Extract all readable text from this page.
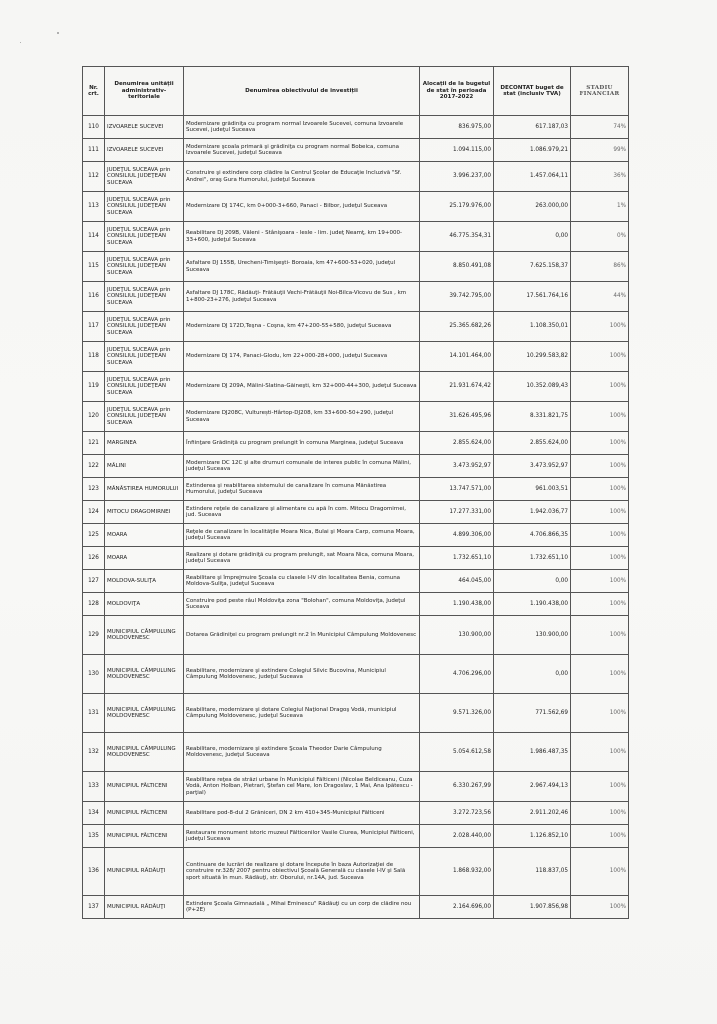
Nr. crt.	Denumirea unității administrativ-teritoriale	Denumirea obiectivului de investiții	Alocații de la bugetul de stat în perioada 2017-2022	DECONTAT buget de stat (inclusiv TVA)	STADIU FINANCIAR
110	IZVOARELE SUCEVEI	Modernizare grădiniţa cu program normal Izvoarele Sucevei, comuna Izvoarele Sucevei, judeţul Suceava	836.975,00	617.187,03	74%
111	IZVOARELE SUCEVEI	Modernizare şcoala primară şi grădiniţa cu program normal Bobeica, comuna Izvoarele Sucevei, judeţul Suceava	1.094.115,00	1.086.979,21	99%
112	JUDEŢUL SUCEAVA prin CONSILIUL JUDEŢEAN SUCEAVA	Construire şi extindere corp clădire la Centrul Şcolar de Educaţie Incluzivă "Sf. Andrei", oraş Gura Humorului, judeţul Suceava	3.996.237,00	1.457.064,11	36%
113	JUDEŢUL SUCEAVA prin CONSILIUL JUDEŢEAN SUCEAVA	Modernizare DJ 174C, km 0+000-3+660, Panaci - Bilbor, judeţul Suceava	25.179.976,00	263.000,00	1%
114	JUDEŢUL SUCEAVA prin CONSILIUL JUDEŢEAN SUCEAVA	Reabilitare DJ 209B, Văleni - Stânişoara - lesle - lim. judeţ Neamţ, km 19+000-33+600, judeţul Suceava	46.775.354,31	0,00	0%
115	JUDEŢUL SUCEAVA prin CONSILIUL JUDEŢEAN SUCEAVA	Asfaltare DJ 155B, Urecheni-Timişeşti- Boroaia, km 47+600-53+020, judeţul Suceava	8.850.491,08	7.625.158,37	86%
116	JUDEŢUL SUCEAVA prin CONSILIUL JUDEŢEAN SUCEAVA	Asfaltare DJ 178C, Rădăuţi- Frătăuţii Vechi-Frătăuţii Noi-Bilca-Vicovu de Sus , km 1+800-23+276, judeţul Suceava	39.742.795,00	17.561.764,16	44%
117	JUDEŢUL SUCEAVA prin CONSILIUL JUDEŢEAN SUCEAVA	Modernizare DJ 172D,Teşna - Coşna, km 47+200-55+580, judeţul Suceava	25.365.682,26	1.108.350,01	100%
118	JUDEŢUL SUCEAVA prin CONSILIUL JUDEŢEAN SUCEAVA	Modernizare DJ 174, Panaci-Glodu, km 22+000-28+000, judeţul Suceava	14.101.464,00	10.299.583,82	100%
119	JUDEŢUL SUCEAVA prin CONSILIUL JUDEŢEAN SUCEAVA	Modernizare DJ 209A, Mălini-Slatina-Găineşti, km 32+000-44+300, judeţul Suceava	21.931.674,42	10.352.089,43	100%
120	JUDEŢUL SUCEAVA prin CONSILIUL JUDEŢEAN SUCEAVA	Modernizare DJ208C, Vulturești-Hârtop-DJ208, km 33+600-50+290, judeţul Suceava	31.626.495,96	8.331.821,75	100%
121	MARGINEA	Înfiinţare Grădiniţă cu program prelungit în comuna Marginea, judeţul Suceava	2.855.624,00	2.855.624,00	100%
122	MĂLINI	Modernizare DC 12C şi alte drumuri comunale de interes public în comuna Mălini, judeţul Suceava	3.473.952,97	3.473.952,97	100%
123	MĂNĂSTIREA HUMORULUI	Extinderea şi reabilitarea sistemului de canalizare în comuna Mănăstirea Humorului, judeţul Suceava	13.747.571,00	961.003,51	100%
124	MITOCU DRAGOMIRNEI	Extindere reţele de canalizare şi alimentare cu apă în com. Mitocu Dragomirnei, jud. Suceava	17.277.331,00	1.942.036,77	100%
125	MOARA	Reţele de canalizare în localităţile Moara Nica, Bulai şi Moara Carp, comuna Moara, judeţul Suceava	4.899.306,00	4.706.866,35	100%
126	MOARA	Realizare şi dotare grădiniţă cu program prelungit, sat Moara Nica, comuna Moara, judeţul Suceava	1.732.651,10	1.732.651,10	100%
127	MOLDOVA-SULIŢA	Reabilitare şi împrejmuire Şcoala cu clasele I-IV din localitatea Benia, comuna Moldova-Suliţa, judeţul Suceava	464.045,00	0,00	100%
128	MOLDOVIŢA	Construire pod peste râul Moldoviţa zona "Bolohan", comuna Moldoviţa, Judeţul Suceava	1.190.438,00	1.190.438,00	100%
129	MUNICIPIUL CÂMPULUNG MOLDOVENESC	Dotarea Grădiniţei cu program prelungit nr.2 în Municipiul Câmpulung Moldovenesc	130.900,00	130.900,00	100%
130	MUNICIPIUL CÂMPULUNG MOLDOVENESC	Reabilitare, modernizare şi extindere Colegiul Silvic Bucovina, Municipiul Câmpulung Moldovenesc, judeţul Suceava	4.706.296,00	0,00	100%
131	MUNICIPIUL CÂMPULUNG MOLDOVENESC	Reabilitare, modernizare şi dotare Colegiul Naţional Dragoş Vodă, municipiul Câmpulung Moldovenesc, judeţul Suceava	9.571.326,00	771.562,69	100%
132	MUNICIPIUL CÂMPULUNG MOLDOVENESC	Reabilitare, modernizare şi extindere Şcoala Theodor Darie Câmpulung Moldovenesc, judeţul Suceava	5.054.612,58	1.986.487,35	100%
133	MUNICIPIUL FĂLTICENI	Reabilitare reţea de străzi urbane în Municipiul Fălticeni (Nicolae Beldiceanu, Cuza Vodă, Anton Holban, Pietrari, Ştefan cel Mare, Ion Dragoslav, 1 Mai, Ana Ipătescu - parţial)	6.330.267,99	2.967.494,13	100%
134	MUNICIPIUL FĂLTICENI	Reabilitare pod-8-dul 2 Grăniceri, DN 2 km 410+345-Municipiul Fălticeni	3.272.723,56	2.911.202,46	100%
135	MUNICIPIUL FĂLTICENI	Restaurare monument istoric muzeul Fălticenilor Vasile Ciurea, Municipiul Fălticeni, judeţul Suceava	2.028.440,00	1.126.852,10	100%
136	MUNICIPIUL RĂDĂUŢI	Continuare de lucrări de realizare şi dotare începute în baza Autorizaţiei de construire nr.328/ 2007 pentru obiectivul Şcoală Generală cu clasele I-IV şi Sală sport situată în mun. Rădăuţi, str. Oborului, nr.14A, jud. Suceava	1.868.932,00	118.837,05	100%
137	MUNICIPIUL RĂDĂUŢI	Extindere Şcoala Gimnazială „ Mihai Eminescu" Rădăuţi cu un corp de clădire nou (P+2E)	2.164.696,00	1.907.856,98	100%
